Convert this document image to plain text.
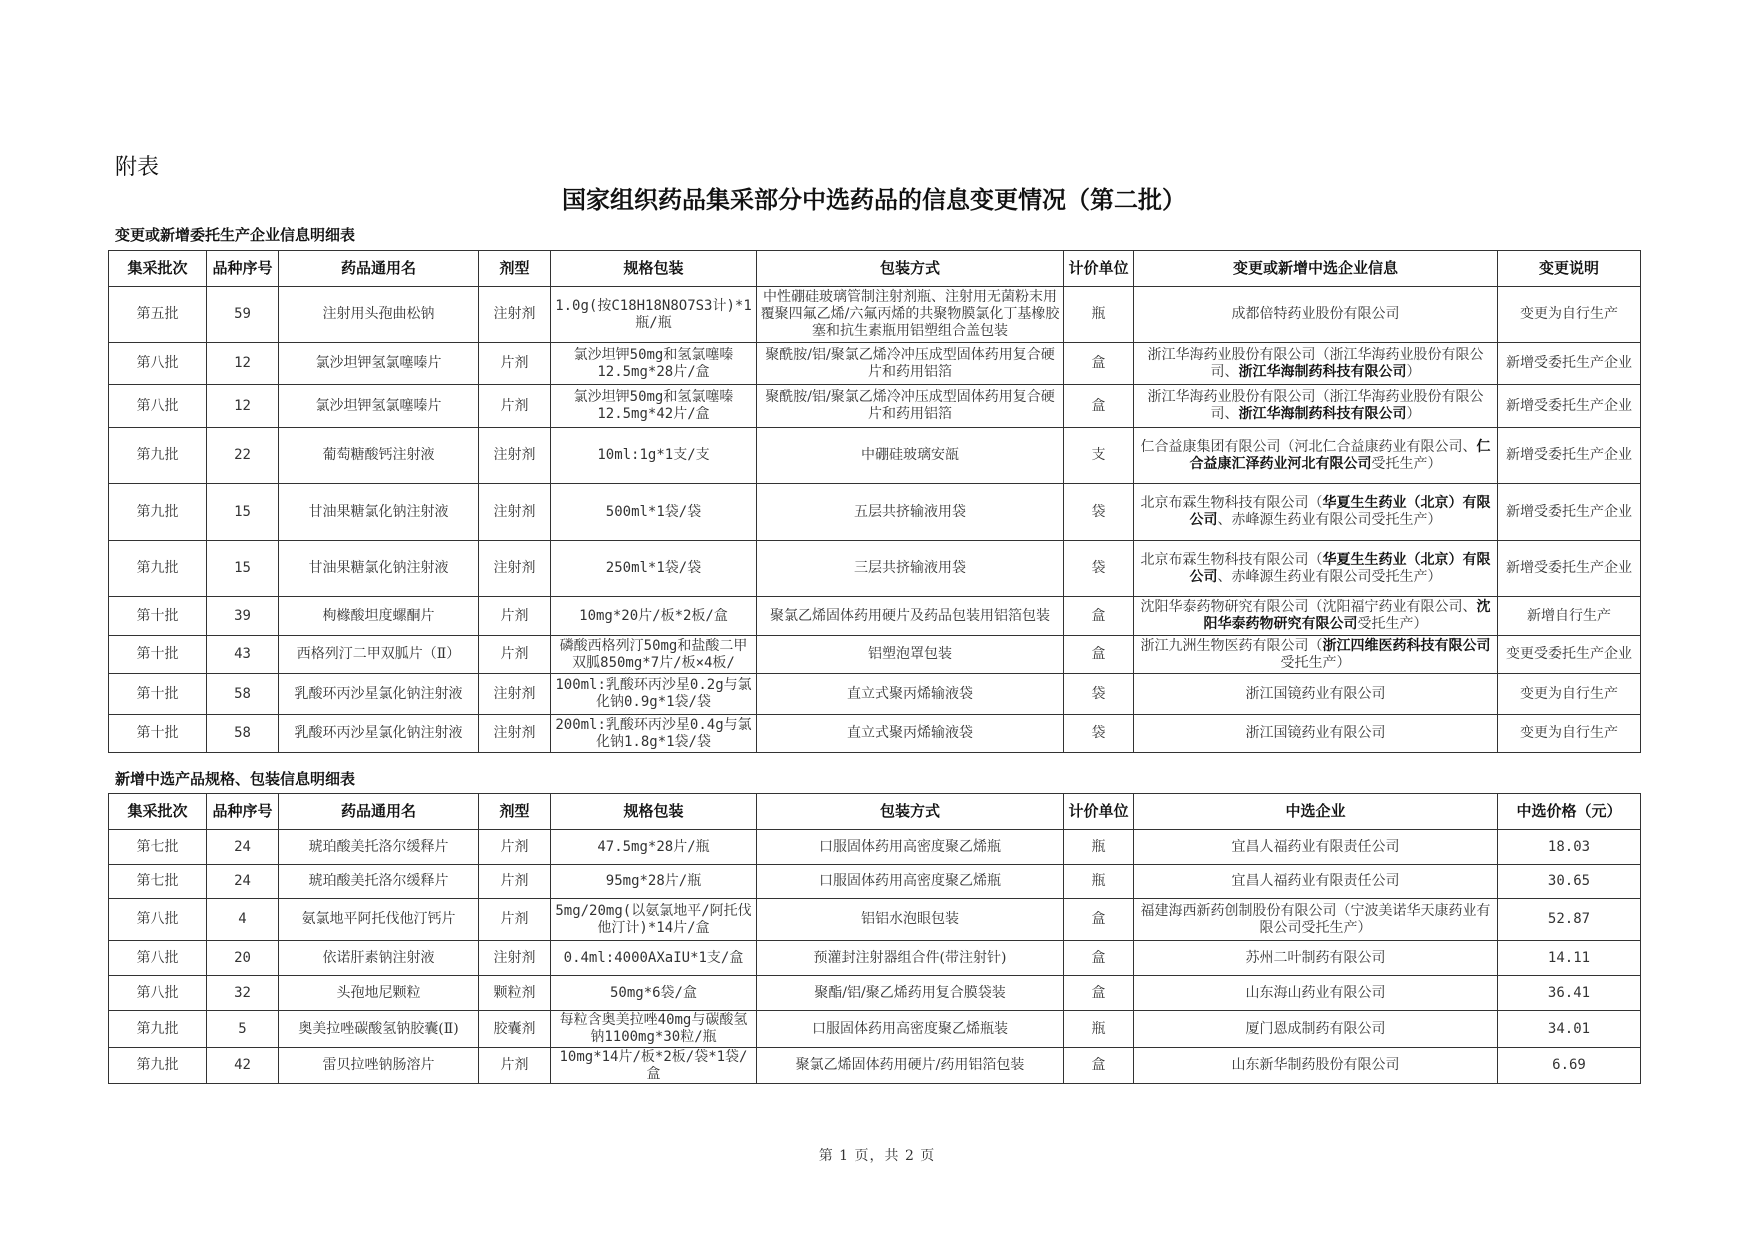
附表
国家组织药品集采部分中选药品的信息变更情况（第二批）
变更或新增委托生产企业信息明细表
集采批次	品种序号	药品通用名	剂型	规格包装	包装方式	计价单位	变更或新增中选企业信息	变更说明
第五批	59	注射用头孢曲松钠	注射剂	1.0g(按C18H18N8O7S3计)*1瓶/瓶	中性硼硅玻璃管制注射剂瓶、注射用无菌粉末用覆聚四氟乙烯/六氟丙烯的共聚物膜氯化丁基橡胶塞和抗生素瓶用铝塑组合盖包装	瓶	成都倍特药业股份有限公司	变更为自行生产
第八批	12	氯沙坦钾氢氯噻嗪片	片剂	氯沙坦钾50mg和氢氯噻嗪12.5mg*28片/盒	聚酰胺/铝/聚氯乙烯冷冲压成型固体药用复合硬片和药用铝箔	盒	浙江华海药业股份有限公司（浙江华海药业股份有限公司、浙江华海制药科技有限公司）	新增受委托生产企业
第八批	12	氯沙坦钾氢氯噻嗪片	片剂	氯沙坦钾50mg和氢氯噻嗪12.5mg*42片/盒	聚酰胺/铝/聚氯乙烯冷冲压成型固体药用复合硬片和药用铝箔	盒	浙江华海药业股份有限公司（浙江华海药业股份有限公司、浙江华海制药科技有限公司）	新增受委托生产企业
第九批	22	葡萄糖酸钙注射液	注射剂	10ml:1g*1支/支	中硼硅玻璃安瓿	支	仁合益康集团有限公司（河北仁合益康药业有限公司、仁合益康汇泽药业河北有限公司受托生产）	新增受委托生产企业
第九批	15	甘油果糖氯化钠注射液	注射剂	500ml*1袋/袋	五层共挤输液用袋	袋	北京布霖生物科技有限公司（华夏生生药业（北京）有限公司、赤峰源生药业有限公司受托生产）	新增受委托生产企业
第九批	15	甘油果糖氯化钠注射液	注射剂	250ml*1袋/袋	三层共挤输液用袋	袋	北京布霖生物科技有限公司（华夏生生药业（北京）有限公司、赤峰源生药业有限公司受托生产）	新增受委托生产企业
第十批	39	枸橼酸坦度螺酮片	片剂	10mg*20片/板*2板/盒	聚氯乙烯固体药用硬片及药品包装用铝箔包装	盒	沈阳华泰药物研究有限公司（沈阳福宁药业有限公司、沈阳华泰药物研究有限公司受托生产）	新增自行生产
第十批	43	西格列汀二甲双胍片（Ⅱ）	片剂	磷酸西格列汀50mg和盐酸二甲双胍850mg*7片/板×4板/	铝塑泡罩包装	盒	浙江九洲生物医药有限公司（浙江四维医药科技有限公司受托生产）	变更受委托生产企业
第十批	58	乳酸环丙沙星氯化钠注射液	注射剂	100ml:乳酸环丙沙星0.2g与氯化钠0.9g*1袋/袋	直立式聚丙烯输液袋	袋	浙江国镜药业有限公司	变更为自行生产
第十批	58	乳酸环丙沙星氯化钠注射液	注射剂	200ml:乳酸环丙沙星0.4g与氯化钠1.8g*1袋/袋	直立式聚丙烯输液袋	袋	浙江国镜药业有限公司	变更为自行生产
新增中选产品规格、包装信息明细表
集采批次	品种序号	药品通用名	剂型	规格包装	包装方式	计价单位	中选企业	中选价格（元）
第七批	24	琥珀酸美托洛尔缓释片	片剂	47.5mg*28片/瓶	口服固体药用高密度聚乙烯瓶	瓶	宜昌人福药业有限责任公司	18.03
第七批	24	琥珀酸美托洛尔缓释片	片剂	95mg*28片/瓶	口服固体药用高密度聚乙烯瓶	瓶	宜昌人福药业有限责任公司	30.65
第八批	4	氨氯地平阿托伐他汀钙片	片剂	5mg/20mg(以氨氯地平/阿托伐他汀计)*14片/盒	铝铝水泡眼包装	盒	福建海西新药创制股份有限公司（宁波美诺华天康药业有限公司受托生产）	52.87
第八批	20	依诺肝素钠注射液	注射剂	0.4ml:4000AXaIU*1支/盒	预灌封注射器组合件(带注射针)	盒	苏州二叶制药有限公司	14.11
第八批	32	头孢地尼颗粒	颗粒剂	50mg*6袋/盒	聚酯/铝/聚乙烯药用复合膜袋装	盒	山东海山药业有限公司	36.41
第九批	5	奥美拉唑碳酸氢钠胶囊(Ⅱ)	胶囊剂	每粒含奥美拉唑40mg与碳酸氢钠1100mg*30粒/瓶	口服固体药用高密度聚乙烯瓶装	瓶	厦门恩成制药有限公司	34.01
第九批	42	雷贝拉唑钠肠溶片	片剂	10mg*14片/板*2板/袋*1袋/盒	聚氯乙烯固体药用硬片/药用铝箔包装	盒	山东新华制药股份有限公司	6.69
第 1 页，共 2 页
